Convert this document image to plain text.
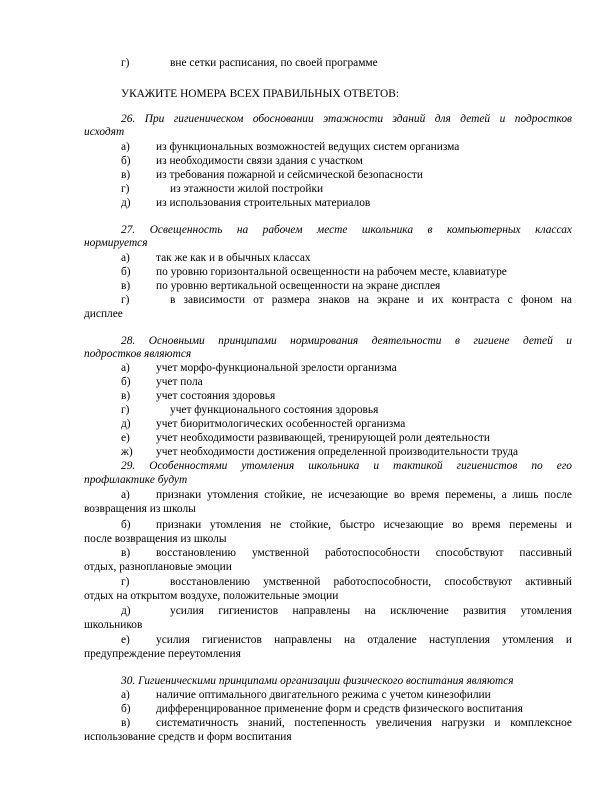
г)	вне сетки расписания, по своей программе
УКАЖИТЕ НОМЕРА ВСЕХ ПРАВИЛЬНЫХ ОТВЕТОВ:
26. При гигиеническом обосновании этажности зданий для детей и подростков
исходят
а) из функциональных возможностей ведущих систем организма
б) из необходимости связи здания с участком
в) из требования пожарной и сейсмической безопасности
г)	из этажности жилой постройки
д) из использования строительных материалов
27. Освещенность на рабочем месте школьника в компьютерных классах
нормируется
а) так же как и в обычных классах
б) по уровню горизонтальной освещенности на рабочем месте, клавиатуре
в) по уровню вертикальной освещенности на экране дисплея
г)	в зависимости от размера знаков на экране и их контраста с фоном на
дисплее
28. Основными принципами нормирования деятельности в гигиене детей и
подростков являются
а) учет морфо-функциональной зрелости организма
б) учет пола
в) учет состояния здоровья
г)	учет функционального состояния здоровья
д) учет биоритмологических особенностей организма
е) учет необходимости развивающей, тренирующей роли деятельности
ж) учет необходимости достижения определенной производительности труда
29. Особенностями утомления школьника и тактикой гигиенистов по его
профилактике будут
а) признаки утомления стойкие, не исчезающие во время перемены, а лишь после
возвращения из школы
б) признаки утомления не стойкие, быстро исчезающие во время перемены и
после возвращения из школы
в) восстановлению умственной работоспособности способствуют пассивный
отдых, разноплановые эмоции
г)	восстановлению умственной работоспособности, способствуют активный
отдых на открытом воздухе, положительные эмоции
д)	усилия гигиенистов направлены на исключение развития утомления
школьников
е) усилия гигиенистов направлены на отдаление наступления утомления и
предупреждение переутомления
30. Гигиеническими принципами организации физического воспитания являются
а) наличие оптимального двигательного режима с учетом кинезофилии
б) дифференцированное применение форм и средств физического воспитания
в) систематичность знаний, постепенность увеличения нагрузки и комплексное
использование средств и форм воспитания
